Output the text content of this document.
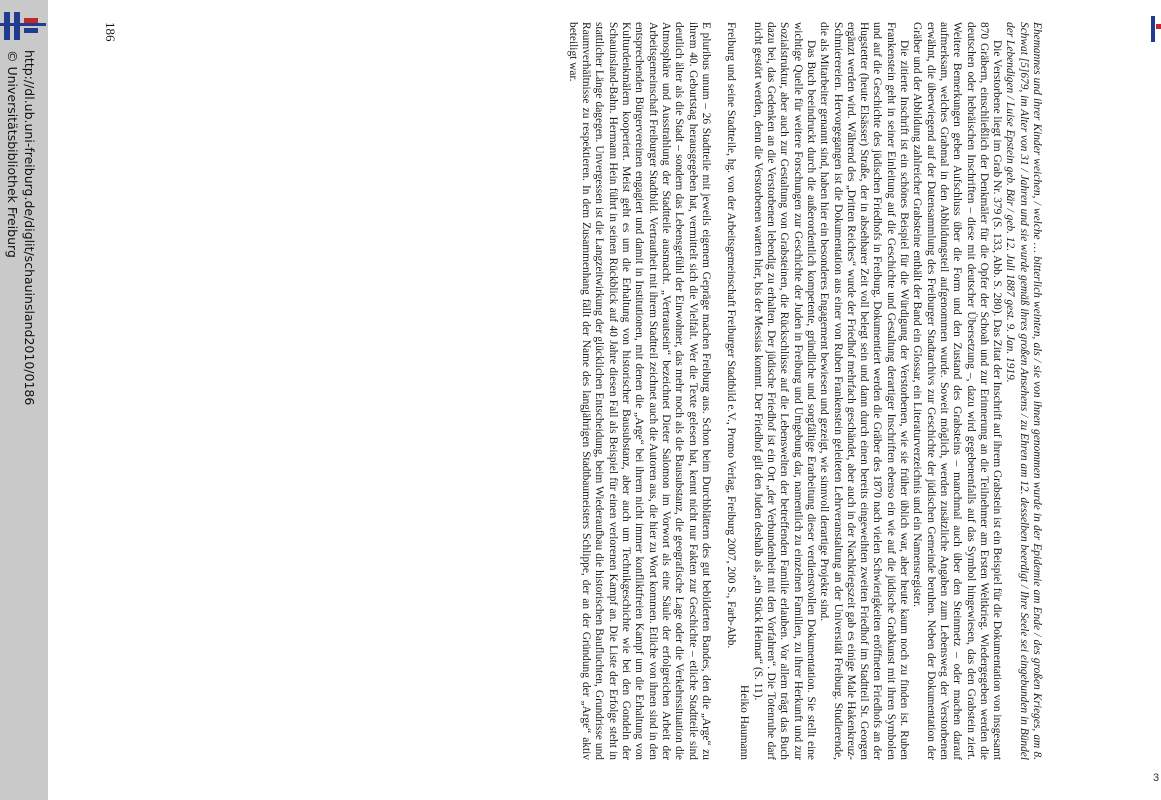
3

Ehemannes und ihrer Kinder weichen, / welche … bitterlich weinten, als / sie von ihnen genommen wurde in der Epidemie am Ende / des großen Krieges, am 8. Schwat [5]679, im Alter von 31 / Jahren und sie wurde gemäß ihres großen Ansehens / zu Ehren am 12. desselben beerdigt / Ihre Seele sei eingebunden in Bündel der Lebendigen / Luise Epstein geb. Bär / geb. 12. Juli 1887 gest. 9. Jan. 1919.

Die Verstorbene liegt im Grab Nr. 379 (S. 133, Abb. S. 280). Das Zitat der Inschrift auf ihrem Grabstein ist ein Beispiel für die Dokumentation von insgesamt 870 Gräbern, einschließlich der Denkmäler für die Opfer der Schoah und zur Erinnerung an die Teilnehmer am Ersten Weltkrieg. Wiedergegeben werden die deutschen oder hebräischen Inschriften – diese mit deutscher Übersetzung –, dazu wird gegebenenfalls auf das Symbol hingewiesen, das den Grabstein ziert. Weitere Bemerkungen geben Aufschluss über die Form und den Zustand des Grabsteins – manchmal auch über den Steinmetz – oder machen darauf aufmerksam, welches Grabmal in den Abbildungsteil aufgenommen wurde. Soweit möglich, werden zusätzliche Angaben zum Lebensweg der Verstorbenen erwähnt, die überwiegend auf der Datensammlung des Freiburger Stadtarchivs zur Geschichte der jüdischen Gemeinde beruhen. Neben der Dokumentation der Gräber und der Abbildung zahlreicher Grabsteine enthält der Band ein Glossar, ein Literaturverzeichnis und ein Namensregister.

Die zitierte Inschrift ist ein schönes Beispiel für die Würdigung der Verstorbenen, wie sie früher üblich war, aber heute kaum noch zu finden ist. Ruben Frankenstein geht in seiner Einleitung auf die Geschichte und Gestaltung derartiger Inschriften ebenso ein wie auf die jüdische Grabkunst mit ihren Symbolen und auf die Geschichte des jüdischen Friedhofs in Freiburg. Dokumentiert werden die Gräber des 1870 nach vielen Schwierigkeiten eröffneten Friedhofs an der Hugstetter (heute Elsässer) Straße, der in absehbarer Zeit voll belegt sein und dann durch einen bereits eingeweihten zweiten Friedhof im Stadtteil St. Georgen ergänzt werden wird. Während des „Dritten Reiches“ wurde der Friedhof mehrfach geschändet, aber auch in der Nachkriegszeit gab es einige Male Hakenkreuz-Schmierereien. Hervorgegangen ist die Dokumentation aus einer von Ruben Frankenstein geleiteten Lehrveranstaltung an der Universität Freiburg. Studierende, die als Mitarbeiter genannt sind, haben hier ein besonderes Engagement bewiesen und gezeigt, wie sinnvoll derartige Projekte sind.

Das Buch beeindruckt durch die außerordentlich kompetente, gründliche und sorgfältige Erarbeitung dieser verdienstvollen Dokumentation. Sie stellt eine wichtige Quelle für weitere Forschungen zur Geschichte der Juden in Freiburg und Umgebung dar, namentlich zu einzelnen Familien, zu ihrer Herkunft und zur Sozialstruktur, aber auch zur Gestaltung von Grabsteinen, die Rückschlüsse auf die Lebenswelten der betreffenden Familie erlauben. Vor allem trägt das Buch dazu bei, das Gedenken an die Verstorbenen lebendig zu erhalten. Der jüdische Friedhof ist ein Ort „der Verbundenheit mit den Vorfahren“. Die Totenruhe darf nicht gestört werden, denn die Verstorbenen warten hier, bis der Messias kommt. Der Friedhof gilt den Juden deshalb als „ein Stück Heimat“ (S. 11).

Heiko Haumann

Freiburg und seine Stadtteile, hg. von der Arbeitsgemeinschaft Freiburger Stadtbild e.V., Promo Verlag, Freiburg 2007, 200 S., Farb-Abb.

E pluribus unum – 26 Stadtteile mit jeweils eigenem Gepräge machen Freiburg aus. Schon beim Durchblättern des gut bebilderten Bandes, den die „Arge“ zu ihrem 40. Geburtstag herausgegeben hat, vermittelt sich die Vielfalt. Wer die Texte gelesen hat, kennt nicht nur Fakten zur Geschichte – etliche Stadtteile sind deutlich älter als die Stadt – sondern das Lebensgefühl der Einwohner, das mehr noch als die Bausubstanz, die geografische Lage oder die Verkehrssituation die Atmosphäre und Ausstrahlung der Stadtteile ausmacht. „Vertrautsein“ bezeichnet Dieter Salomon im Vorwort als eine Säule der erfolgreichen Arbeit der Arbeitsgemeinschaft Freiburger Stadtbild. Vertrautheit mit ihrem Stadtteil zeichnet auch die Autoren aus, die hier zu Wort kommen. Etliche von ihnen sind in den entsprechenden Bürgervereinen engagiert und damit in Institutionen, mit denen die „Arge“ bei ihrem nicht immer konfliktfreien Kampf um die Erhaltung von Kulturdenkmälern kooperiert. Meist geht es um die Erhaltung von historischer Bausubstanz, aber auch um Technikgeschichte wie bei den Gondeln der Schauinsland-Bahn. Hermann Hein führt in seinen Rückblick auf 40 Jahre diesen Fall als Beispiel für einen verlorenen Kampf an. Die Liste der Erfolge steht in stattlicher Länge dagegen. Unvergessen ist die Langzeitwirkung der glücklichen Entscheidung, beim Wiederaufbau die historischen Baufluchten, Grundrisse und Raumverhältnisse zu respektieren. In dem Zusammenhang fällt der Name des langjährigen Stadtbaumeisters Schlippe, der an der Gründung der „Arge“ aktiv beteiligt war.

186
http://dl.ub.uni-freiburg.de/diglit/schauinsland2010/0186
© Universitätsbibliothek Freiburg
